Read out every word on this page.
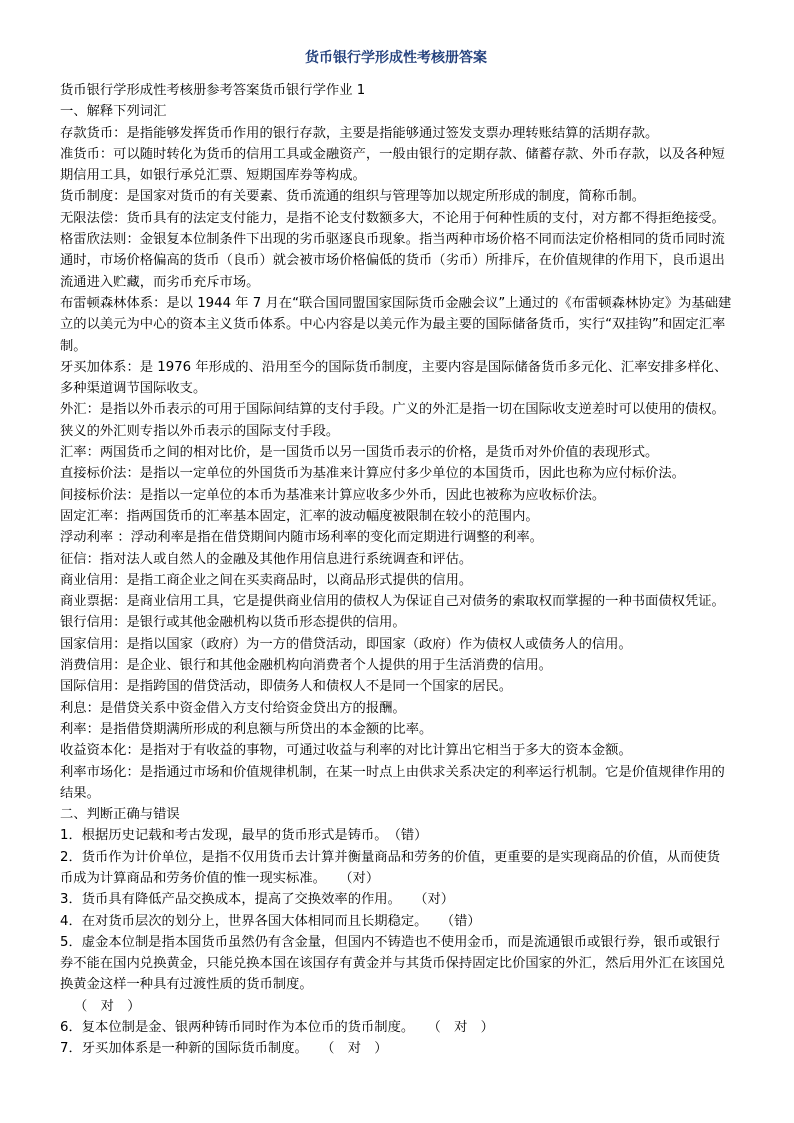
货币银行学形成性考核册答案

货币银行学形成性考核册参考答案货币银行学作业 1

一、解释下列词汇

存款货币：是指能够发挥货币作用的银行存款，主要是指能够通过签发支票办理转账结算的活期存款。

准货币：可以随时转化为货币的信用工具或金融资产，一般由银行的定期存款、储蓄存款、外币存款，以及各种短期信用工具，如银行承兑汇票、短期国库券等构成。

货币制度：是国家对货币的有关要素、货币流通的组织与管理等加以规定所形成的制度，简称币制。

无限法偿：货币具有的法定支付能力，是指不论支付数额多大，不论用于何种性质的支付，对方都不得拒绝接受。

格雷欣法则：金银复本位制条件下出现的劣币驱逐良币现象。指当两种市场价格不同而法定价格相同的货币同时流通时，市场价格偏高的货币（良币）就会被市场价格偏低的货币（劣币）所排斥，在价值规律的作用下，良币退出流通进入贮藏，而劣币充斥市场。

布雷顿森林体系：是以 1944 年 7 月在“联合国同盟国家国际货币金融会议”上通过的《布雷顿森林协定》为基础建立的以美元为中心的资本主义货币体系。中心内容是以美元作为最主要的国际储备货币，实行“双挂钩”和固定汇率制。

牙买加体系：是 1976 年形成的、沿用至今的国际货币制度，主要内容是国际储备货币多元化、汇率安排多样化、多种渠道调节国际收支。

外汇：是指以外币表示的可用于国际间结算的支付手段。广义的外汇是指一切在国际收支逆差时可以使用的债权。狭义的外汇则专指以外币表示的国际支付手段。

汇率：两国货币之间的相对比价，是一国货币以另一国货币表示的价格，是货币对外价值的表现形式。

直接标价法：是指以一定单位的外国货币为基准来计算应付多少单位的本国货币，因此也称为应付标价法。

间接标价法：是指以一定单位的本币为基准来计算应收多少外币，因此也被称为应收标价法。

固定汇率：指两国货币的汇率基本固定，汇率的波动幅度被限制在较小的范围内。

浮动利率 ：浮动利率是指在借贷期间内随市场利率的变化而定期进行调整的利率。

征信：指对法人或自然人的金融及其他作用信息进行系统调查和评估。

商业信用：是指工商企业之间在买卖商品时，以商品形式提供的信用。

商业票据：是商业信用工具，它是提供商业信用的债权人为保证自己对债务的索取权而掌握的一种书面债权凭证。

银行信用：是银行或其他金融机构以货币形态提供的信用。

国家信用：是指以国家（政府）为一方的借贷活动，即国家（政府）作为债权人或债务人的信用。

消费信用：是企业、银行和其他金融机构向消费者个人提供的用于生活消费的信用。

国际信用：是指跨国的借贷活动，即债务人和债权人不是同一个国家的居民。

利息：是借贷关系中资金借入方支付给资金贷出方的报酬。

利率：是指借贷期满所形成的利息额与所贷出的本金额的比率。

收益资本化：是指对于有收益的事物，可通过收益与利率的对比计算出它相当于多大的资本金额。

利率市场化：是指通过市场和价值规律机制，在某一时点上由供求关系决定的利率运行机制。它是价值规律作用的结果。

二、判断正确与错误

1．根据历史记载和考古发现，最早的货币形式是铸币。　（错）

2．货币作为计价单位，是指不仅用货币去计算并衡量商品和劳务的价值，更重要的是实现商品的价值，从而使货币成为计算商品和劳务价值的惟一现实标准。　　（对）

3．货币具有降低产品交换成本，提高了交换效率的作用。　　（对）

4．在对货币层次的划分上，世界各国大体相同而且长期稳定。　　（错）

5．虚金本位制是指本国货币虽然仍有含金量，但国内不铸造也不使用金币，而是流通银币或银行券，银币或银行券不能在国内兑换黄金，只能兑换本国在该国存有黄金并与其货币保持固定比价国家的外汇，然后用外汇在该国兑换黄金这样一种具有过渡性质的货币制度。

（　对　）

6．复本位制是金、银两种铸币同时作为本位币的货币制度。　　（　对　）

7．牙买加体系是一种新的国际货币制度。　　（　对　）
